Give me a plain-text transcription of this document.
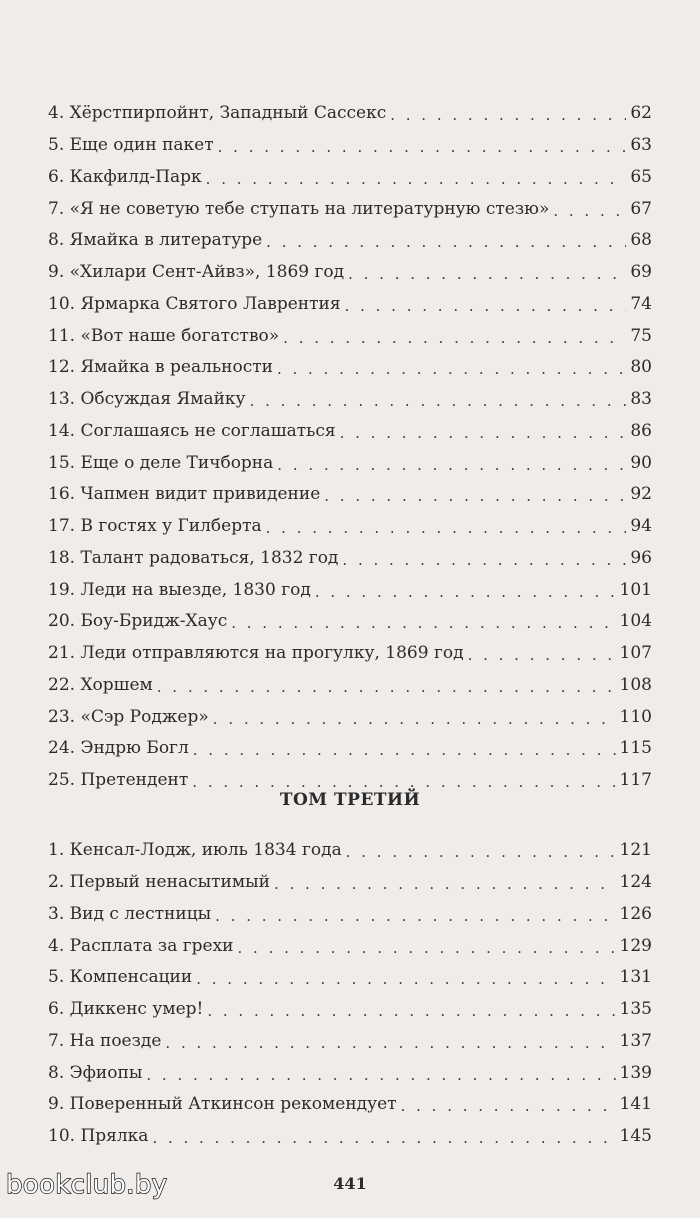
4. Хёрстпирпойнт, Западный Сассекс . . .	62
5. Еще один пакет . . .	63
6. Какфилд-Парк . . .	65
7. «Я не советую тебе ступать на литературную стезю» . . .	67
8. Ямайка в литературе . . .	68
9. «Хилари Сент-Айвз», 1869 год . . .	69
10. Ярмарка Святого Лаврентия . . .	74
11. «Вот наше богатство» . . .	75
12. Ямайка в реальности . . .	80
13. Обсуждая Ямайку . . .	83
14. Соглашаясь не соглашаться . . .	86
15. Еще о деле Тичборна . . .	90
16. Чапмен видит привидение . . .	92
17. В гостях у Гилберта . . .	94
18. Талант радоваться, 1832 год . . .	96
19. Леди на выезде, 1830 год . . .	101
20. Боу-Бридж-Хаус . . .	104
21. Леди отправляются на прогулку, 1869 год . . .	107
22. Хоршем . . .	108
23. «Сэр Роджер» . . .	110
24. Эндрю Богл . . .	115
25. Претендент . . .	117
ТОМ ТРЕТИЙ
1. Кенсал-Лодж, июль 1834 года . . .	121
2. Первый ненасытимый . . .	124
3. Вид с лестницы . . .	126
4. Расплата за грехи . . .	129
5. Компенсации . . .	131
6. Диккенс умер! . . .	135
7. На поезде . . .	137
8. Эфиопы . . .	139
9. Поверенный Аткинсон рекомендует . . .	141
10. Прялка . . .	145
441
bookclub.by
